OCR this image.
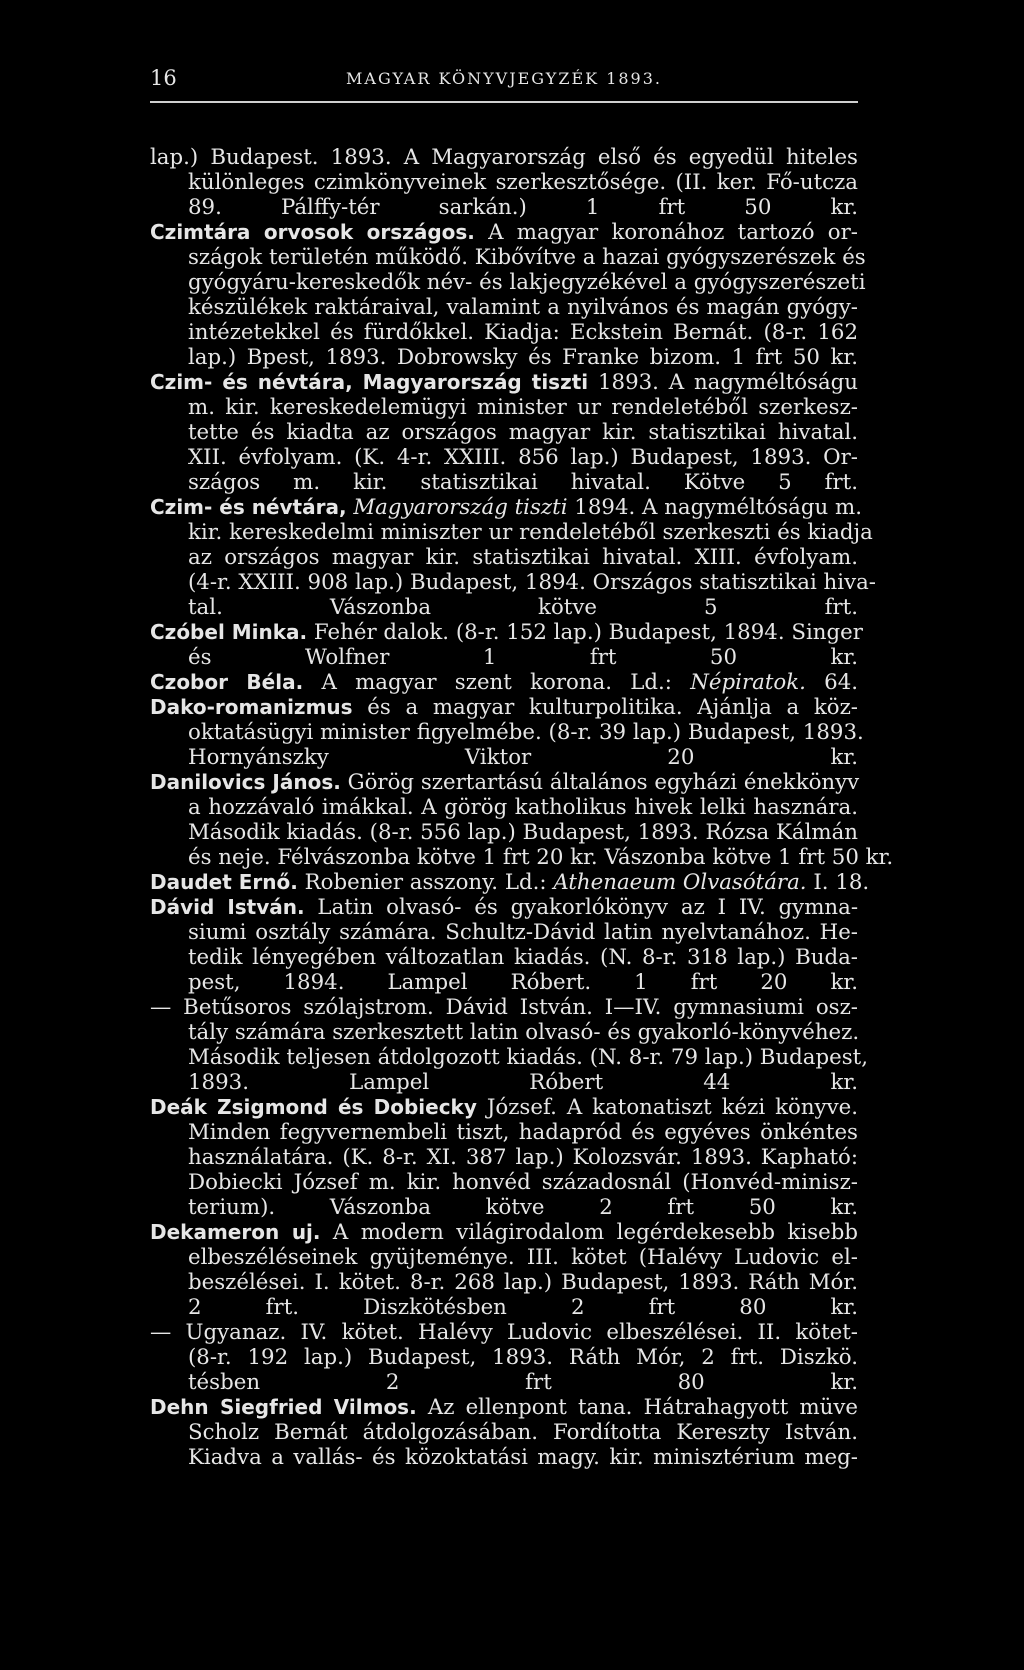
16	MAGYAR KÖNYVJEGYZÉK 1893.
lap.) Budapest. 1893. A Magyarország első és egyedül hiteles
különleges czimkönyveinek szerkesztősége. (II. ker. Fő-utcza
89. Pálffy-tér sarkán.) 1 frt 50 kr.
Czimtára orvosok országos. A magyar koronához tartozó or-
szágok területén működő. Kibővítve a hazai gyógyszerészek és
gyógyáru-kereskedők név- és lakjegyzékével a gyógyszerészeti
készülékek raktáraival, valamint a nyilvános és magán gyógy-
intézetekkel és fürdőkkel. Kiadja: Eckstein Bernát. (8-r. 162
lap.) Bpest, 1893. Dobrowsky és Franke bizom. 1 frt 50 kr.
Czim- és névtára, Magyarország tiszti 1893. A nagyméltóságu
m. kir. kereskedelemügyi minister ur rendeletéből szerkesz-
tette és kiadta az országos magyar kir. statisztikai hivatal.
XII. évfolyam. (K. 4-r. XXIII. 856 lap.) Budapest, 1893. Or-
szágos m. kir. statisztikai hivatal. Kötve 5 frt.
Czim- és névtára, Magyarország tiszti 1894. A nagyméltóságu m.
kir. kereskedelmi miniszter ur rendeletéből szerkeszti és kiadja
az országos magyar kir. statisztikai hivatal. XIII. évfolyam.
(4-r. XXIII. 908 lap.) Budapest, 1894. Országos statisztikai hiva-
tal. Vászonba kötve 5 frt.
Czóbel Minka. Fehér dalok. (8-r. 152 lap.) Budapest, 1894. Singer
és Wolfner 1 frt 50 kr.
Czobor Béla. A magyar szent korona. Ld.: Népiratok. 64.
Dako-romanizmus és a magyar kulturpolitika. Ajánlja a köz-
oktatásügyi minister figyelmébe. (8-r. 39 lap.) Budapest, 1893.
Hornyánszky Viktor 20 kr.
Danilovics János. Görög szertartású általános egyházi énekkönyv
a hozzávaló imákkal. A görög katholikus hivek lelki hasznára.
Második kiadás. (8-r. 556 lap.) Budapest, 1893. Rózsa Kálmán
és neje. Félvászonba kötve 1 frt 20 kr. Vászonba kötve 1 frt 50 kr.
Daudet Ernő. Robenier asszony. Ld.: Athenaeum Olvasótára. I. 18.
Dávid István. Latin olvasó- és gyakorlókönyv az I IV. gymna-
siumi osztály számára. Schultz-Dávid latin nyelvtanához. He-
tedik lényegében változatlan kiadás. (N. 8-r. 318 lap.) Buda-
pest, 1894. Lampel Róbert. 1 frt 20 kr.
— Betűsoros szólajstrom. Dávid István. I—IV. gymnasiumi osz-
tály számára szerkesztett latin olvasó- és gyakorló-könyvéhez.
Második teljesen átdolgozott kiadás. (N. 8-r. 79 lap.) Budapest,
1893. Lampel Róbert 44 kr.
Deák Zsigmond és Dobiecky József. A katonatiszt kézi könyve.
Minden fegyvernembeli tiszt, hadapród és egyéves önkéntes
használatára. (K. 8-r. XI. 387 lap.) Kolozsvár. 1893. Kapható:
Dobiecki József m. kir. honvéd századosnál (Honvéd-minisz-
terium). Vászonba kötve 2 frt 50 kr.
Dekameron uj. A modern világirodalom legérdekesebb kisebb
elbeszéléseinek gyüjteménye. III. kötet (Halévy Ludovic el-
beszélései. I. kötet. 8-r. 268 lap.) Budapest, 1893. Ráth Mór.
2 frt. Diszkötésben 2 frt 80 kr.
— Ugyanaz. IV. kötet. Halévy Ludovic elbeszélései. II. kötet-
(8-r. 192 lap.) Budapest, 1893. Ráth Mór, 2 frt. Diszkö.
tésben 2 frt 80 kr.
Dehn Siegfried Vilmos. Az ellenpont tana. Hátrahagyott müve
Scholz Bernát átdolgozásában. Fordította Kereszty István.
Kiadva a vallás- és közoktatási magy. kir. minisztérium meg-
